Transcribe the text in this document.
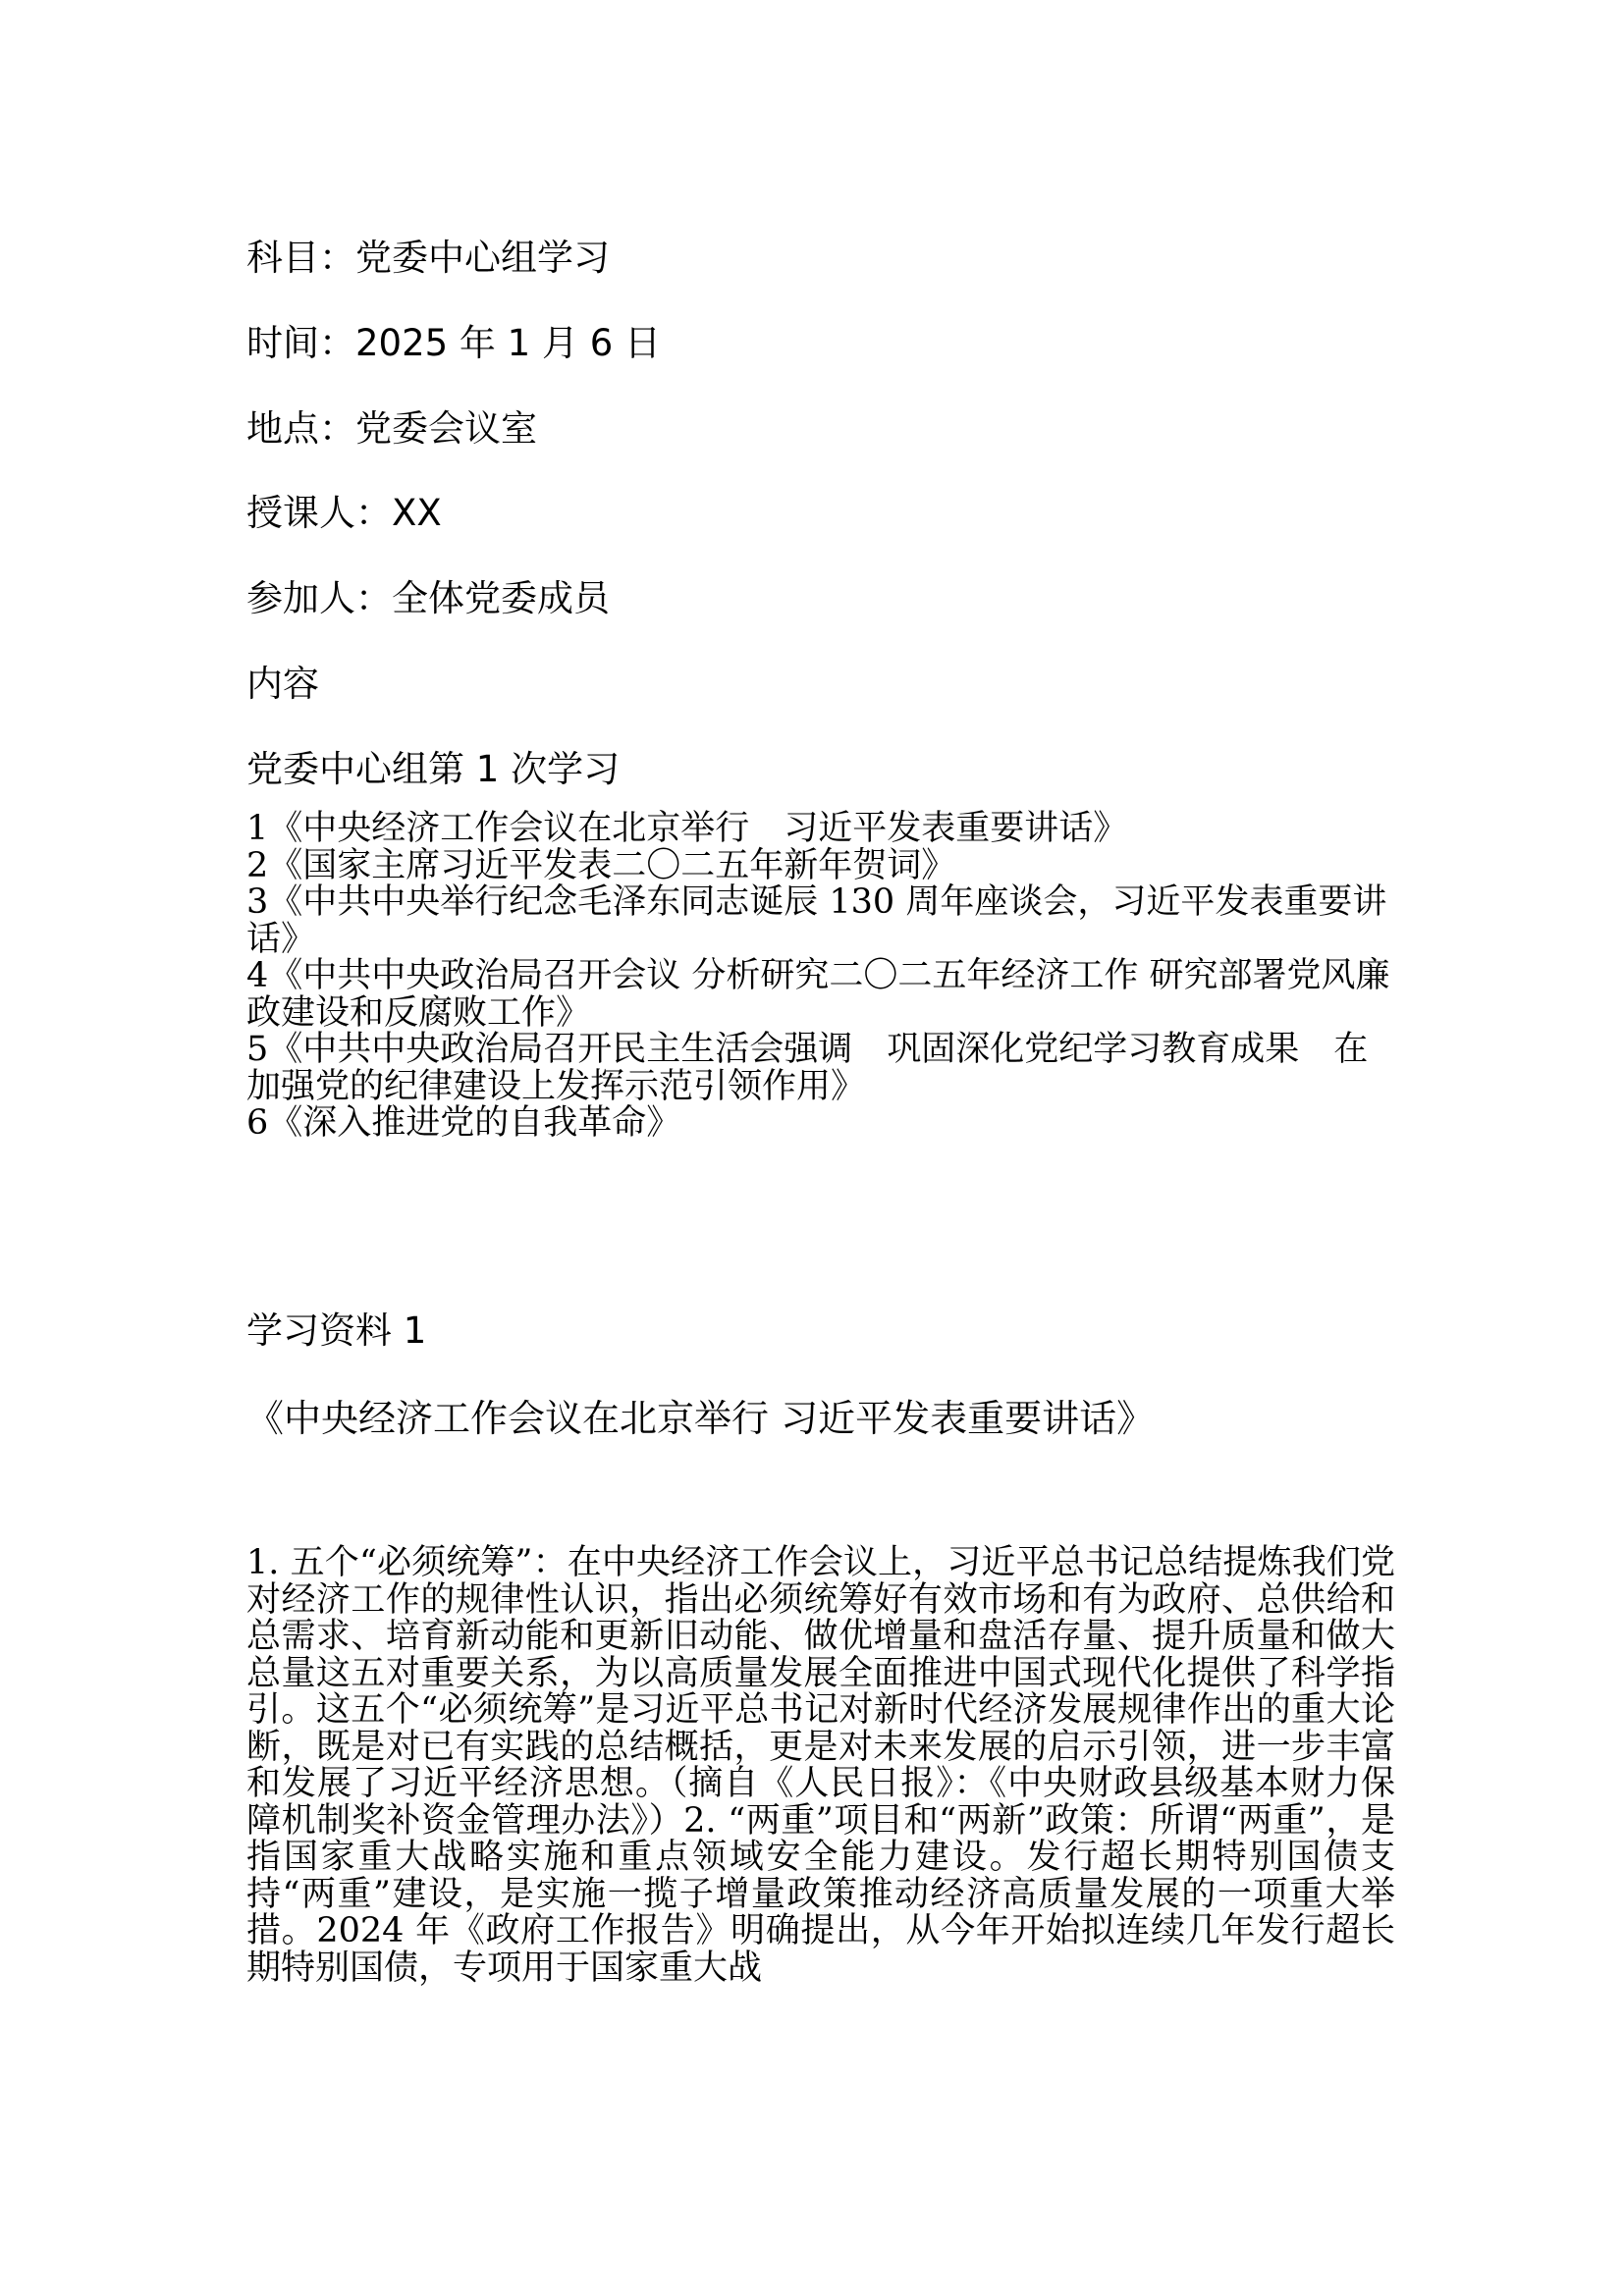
科目：党委中心组学习
时间：2025 年 1 月 6 日
地点：党委会议室
授课人：XX
参加人：全体党委成员
内容
党委中心组第 1 次学习

1《中央经济工作会议在北京举行　习近平发表重要讲话》

2《国家主席习近平发表二〇二五年新年贺词》

3《中共中央举行纪念毛泽东同志诞辰 130 周年座谈会，习近平发表重要讲话》

4《中共中央政治局召开会议 分析研究二〇二五年经济工作 研究部署党风廉政建设和反腐败工作》

5《中共中央政治局召开民主生活会强调　巩固深化党纪学习教育成果　在加强党的纪律建设上发挥示范引领作用》

6《深入推进党的自我革命》

学习资料 1
《中央经济工作会议在北京举行 习近平发表重要讲话》

1. 五个“必须统筹”：在中央经济工作会议上，习近平总书记总结提炼我们党对经济工作的规律性认识，指出必须统筹好有效市场和有为政府、总供给和总需求、培育新动能和更新旧动能、做优增量和盘活存量、提升质量和做大总量这五对重要关系，为以高质量发展全面推进中国式现代化提供了科学指引。这五个“必须统筹”是习近平总书记对新时代经济发展规律作出的重大论断，既是对已有实践的总结概括，更是对未来发展的启示引领，进一步丰富和发展了习近平经济思想。（摘自《人民日报》：《中央财政县级基本财力保障机制奖补资金管理办法》）2. “两重”项目和“两新”政策：所谓“两重”，是指国家重大战略实施和重点领域安全能力建设。发行超长期特别国债支持“两重”建设，是实施一揽子增量政策推动经济高质量发展的一项重大举措。2024 年《政府工作报告》明确提出，从今年开始拟连续几年发行超长期特别国债，专项用于国家重大战
